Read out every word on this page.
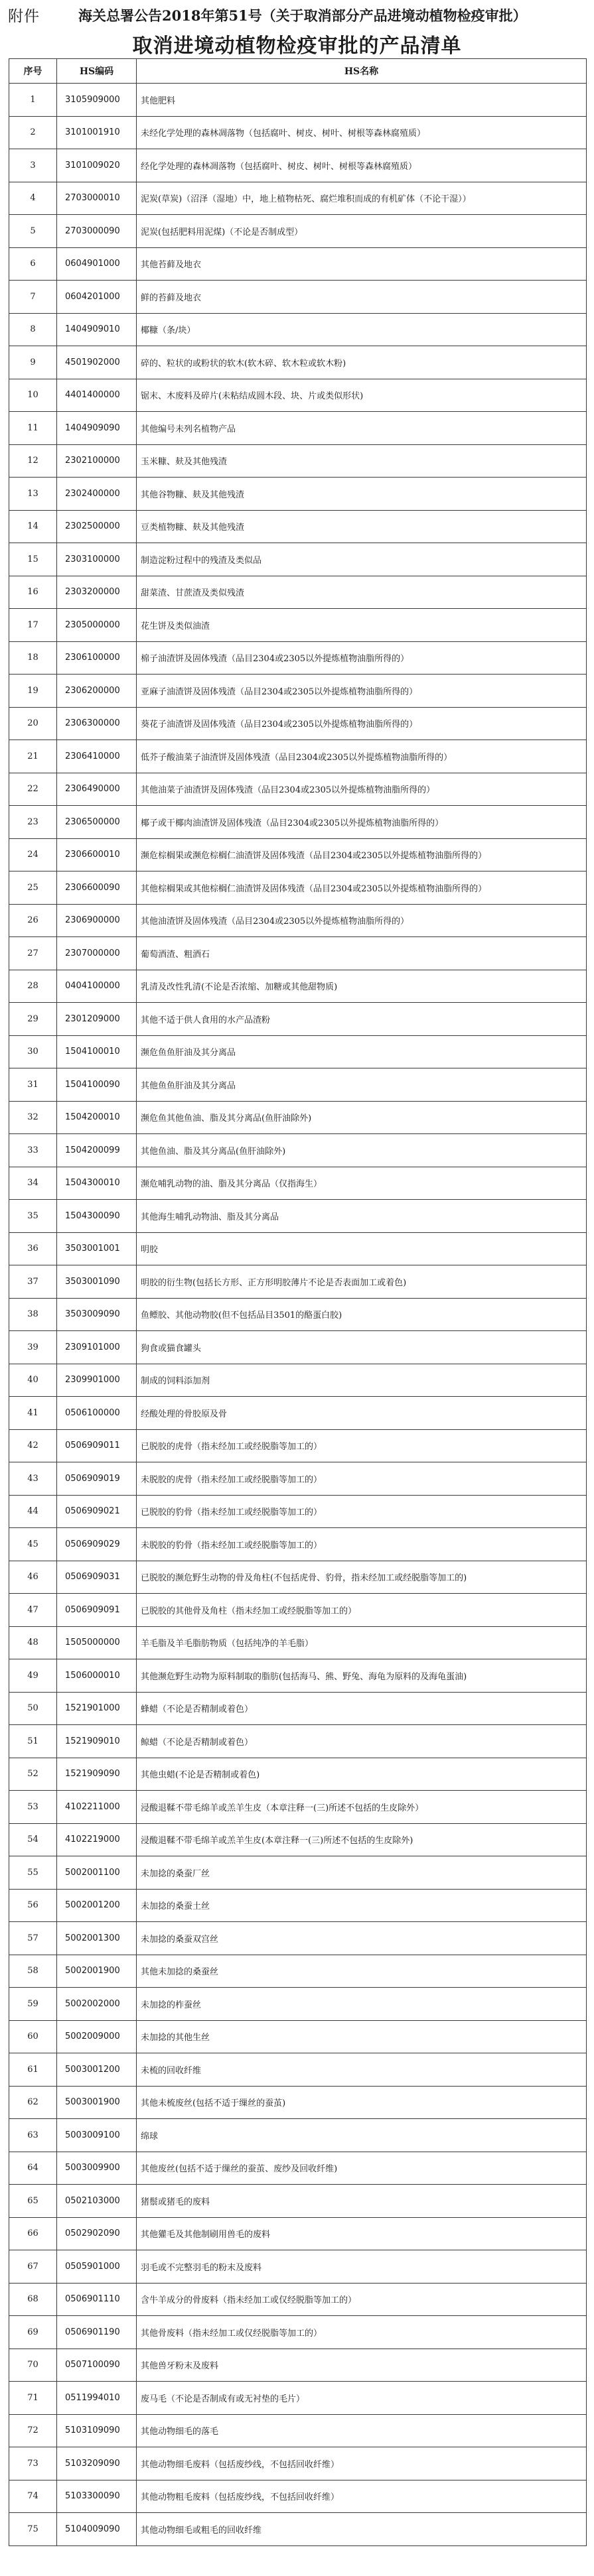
附件	海关总署公告2018年第51号（关于取消部分产品进境动植物检疫审批）
取消进境动植物检疫审批的产品清单
序号	HS编码	HS名称
1	3105909000	其他肥料
2	3101001910	未经化学处理的森林凋落物（包括腐叶、树皮、树叶、树根等森林腐殖质）
3	3101009020	经化学处理的森林凋落物（包括腐叶、树皮、树叶、树根等森林腐殖质）
4	2703000010	泥炭(草炭)（沼泽（湿地）中，地上植物枯死、腐烂堆积而成的有机矿体（不论干湿））
5	2703000090	泥炭(包括肥料用泥煤)（不论是否制成型）
6	0604901000	其他苔藓及地衣
7	0604201000	鲜的苔藓及地衣
8	1404909010	椰糠（条/块）
9	4501902000	碎的、粒状的或粉状的软木(软木碎、软木粒或软木粉)
10	4401400000	锯末、木废料及碎片(未粘结成圆木段、块、片或类似形状)
11	1404909090	其他编号未列名植物产品
12	2302100000	玉米糠、麸及其他残渣
13	2302400000	其他谷物糠、麸及其他残渣
14	2302500000	豆类植物糠、麸及其他残渣
15	2303100000	制造淀粉过程中的残渣及类似品
16	2303200000	甜菜渣、甘蔗渣及类似残渣
17	2305000000	花生饼及类似油渣
18	2306100000	棉子油渣饼及固体残渣（品目2304或2305以外提炼植物油脂所得的）
19	2306200000	亚麻子油渣饼及固体残渣（品目2304或2305以外提炼植物油脂所得的）
20	2306300000	葵花子油渣饼及固体残渣（品目2304或2305以外提炼植物油脂所得的）
21	2306410000	低芥子酸油菜子油渣饼及固体残渣（品目2304或2305以外提炼植物油脂所得的）
22	2306490000	其他油菜子油渣饼及固体残渣（品目2304或2305以外提炼植物油脂所得的）
23	2306500000	椰子或干椰肉油渣饼及固体残渣（品目2304或2305以外提炼植物油脂所得的）
24	2306600010	濒危棕榈果或濒危棕榈仁油渣饼及固体残渣（品目2304或2305以外提炼植物油脂所得的）
25	2306600090	其他棕榈果或其他棕榈仁油渣饼及固体残渣（品目2304或2305以外提炼植物油脂所得的）
26	2306900000	其他油渣饼及固体残渣（品目2304或2305以外提炼植物油脂所得的）
27	2307000000	葡萄酒渣、粗酒石
28	0404100000	乳清及改性乳清(不论是否浓缩、加糖或其他甜物质)
29	2301209000	其他不适于供人食用的水产品渣粉
30	1504100010	濒危鱼鱼肝油及其分离品
31	1504100090	其他鱼鱼肝油及其分离品
32	1504200010	濒危鱼其他鱼油、脂及其分离品(鱼肝油除外)
33	1504200099	其他鱼油、脂及其分离品(鱼肝油除外)
34	1504300010	濒危哺乳动物的油、脂及其分离品（仅指海生）
35	1504300090	其他海生哺乳动物油、脂及其分离品
36	3503001001	明胶
37	3503001090	明胶的衍生物(包括长方形、正方形明胶薄片不论是否表面加工或着色)
38	3503009090	鱼鳔胶、其他动物胶(但不包括品目3501的酪蛋白胶)
39	2309101000	狗食或猫食罐头
40	2309901000	制成的饲料添加剂
41	0506100000	经酸处理的骨胶原及骨
42	0506909011	已脱胶的虎骨（指未经加工或经脱脂等加工的）
43	0506909019	未脱胶的虎骨（指未经加工或经脱脂等加工的）
44	0506909021	已脱胶的豹骨（指未经加工或经脱脂等加工的）
45	0506909029	未脱胶的豹骨（指未经加工或经脱脂等加工的）
46	0506909031	已脱胶的濒危野生动物的骨及角柱(不包括虎骨、豹骨，指未经加工或经脱脂等加工的)
47	0506909091	已脱胶的其他骨及角柱（指未经加工或经脱脂等加工的）
48	1505000000	羊毛脂及羊毛脂肪物质（包括纯净的羊毛脂）
49	1506000010	其他濒危野生动物为原料制取的脂肪(包括海马、熊、野兔、海龟为原料的及海龟蛋油)
50	1521901000	蜂蜡（不论是否精制或着色）
51	1521909010	鲸蜡（不论是否精制或着色）
52	1521909090	其他虫蜡(不论是否精制或着色)
53	4102211000	浸酸退鞣不带毛绵羊或羔羊生皮（本章注释一(三)所述不包括的生皮除外）
54	4102219000	浸酸退鞣不带毛绵羊或羔羊生皮(本章注释一(三)所述不包括的生皮除外)
55	5002001100	未加捻的桑蚕厂丝
56	5002001200	未加捻的桑蚕土丝
57	5002001300	未加捻的桑蚕双宫丝
58	5002001900	其他未加捻的桑蚕丝
59	5002002000	未加捻的柞蚕丝
60	5002009000	未加捻的其他生丝
61	5003001200	未梳的回收纤维
62	5003001900	其他未梳废丝(包括不适于缫丝的蚕茧)
63	5003009100	绵球
64	5003009900	其他废丝(包括不适于缫丝的蚕茧、废纱及回收纤维)
65	0502103000	猪鬃或猪毛的废料
66	0502902090	其他獾毛及其他制刷用兽毛的废料
67	0505901000	羽毛或不完整羽毛的粉末及废料
68	0506901110	含牛羊成分的骨废料（指未经加工或仅经脱脂等加工的）
69	0506901190	其他骨废料（指未经加工或仅经脱脂等加工的）
70	0507100090	其他兽牙粉末及废料
71	0511994010	废马毛（不论是否制成有或无衬垫的毛片）
72	5103109090	其他动物细毛的落毛
73	5103209090	其他动物细毛废料（包括废纱线，不包括回收纤维）
74	5103300090	其他动物粗毛废料（包括废纱线，不包括回收纤维）
75	5104009090	其他动物细毛或粗毛的回收纤维
